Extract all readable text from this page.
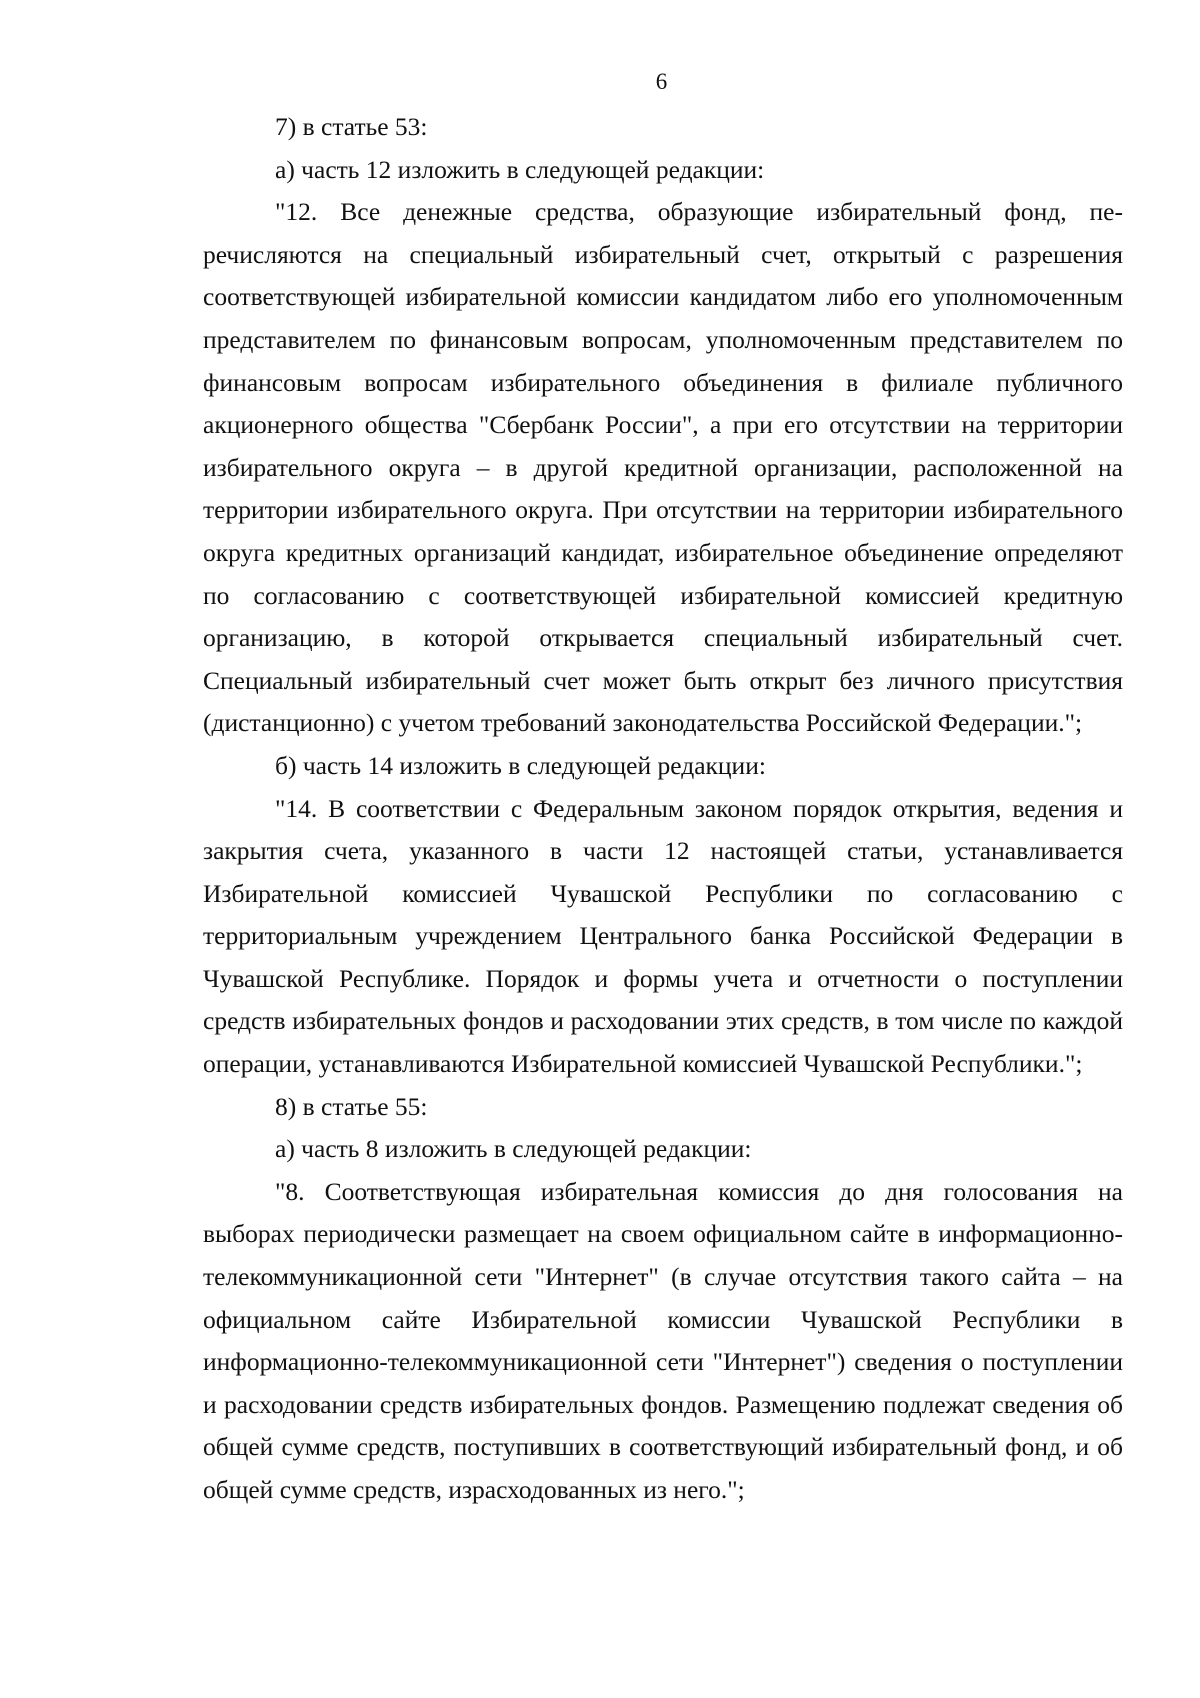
6

7) в статье 53:

а) часть 12 изложить в следующей редакции:

"12. Все денежные средства, образующие избирательный фонд, перечисляются на специальный избирательный счет, открытый с разрешения соответствующей избирательной комиссии кандидатом либо его уполномоченным представителем по финансовым вопросам, уполномоченным представителем по финансовым вопросам избирательного объединения в филиале публичного акционерного общества "Сбербанк России", а при его отсутствии на территории избирательного округа – в другой кредитной организации, расположенной на территории избирательного округа. При отсутствии на территории избирательного округа кредитных организаций кандидат, избирательное объединение определяют по согласованию с соответствующей избирательной комиссией кредитную организацию, в которой открывается специальный избирательный счет. Специальный избирательный счет может быть открыт без личного присутствия (дистанционно) с учетом требований законодательства Российской Федерации.";

б) часть 14 изложить в следующей редакции:

"14. В соответствии с Федеральным законом порядок открытия, ведения и закрытия счета, указанного в части 12 настоящей статьи, устанавливается Избирательной комиссией Чувашской Республики по согласованию с территориальным учреждением Центрального банка Российской Федерации в Чувашской Республике. Порядок и формы учета и отчетности о поступлении средств избирательных фондов и расходовании этих средств, в том числе по каждой операции, устанавливаются Избирательной комиссией Чувашской Республики.";

8) в статье 55:

а) часть 8 изложить в следующей редакции:

"8. Соответствующая избирательная комиссия до дня голосования на выборах периодически размещает на своем официальном сайте в информационно-телекоммуникационной сети "Интернет" (в случае отсутствия такого сайта – на официальном сайте Избирательной комиссии Чувашской Республики в информационно-телекоммуникационной сети "Интернет") сведения о поступлении и расходовании средств избирательных фондов. Размещению подлежат сведения об общей сумме средств, поступивших в соответствующий избирательный фонд, и об общей сумме средств, израсходованных из него.";
